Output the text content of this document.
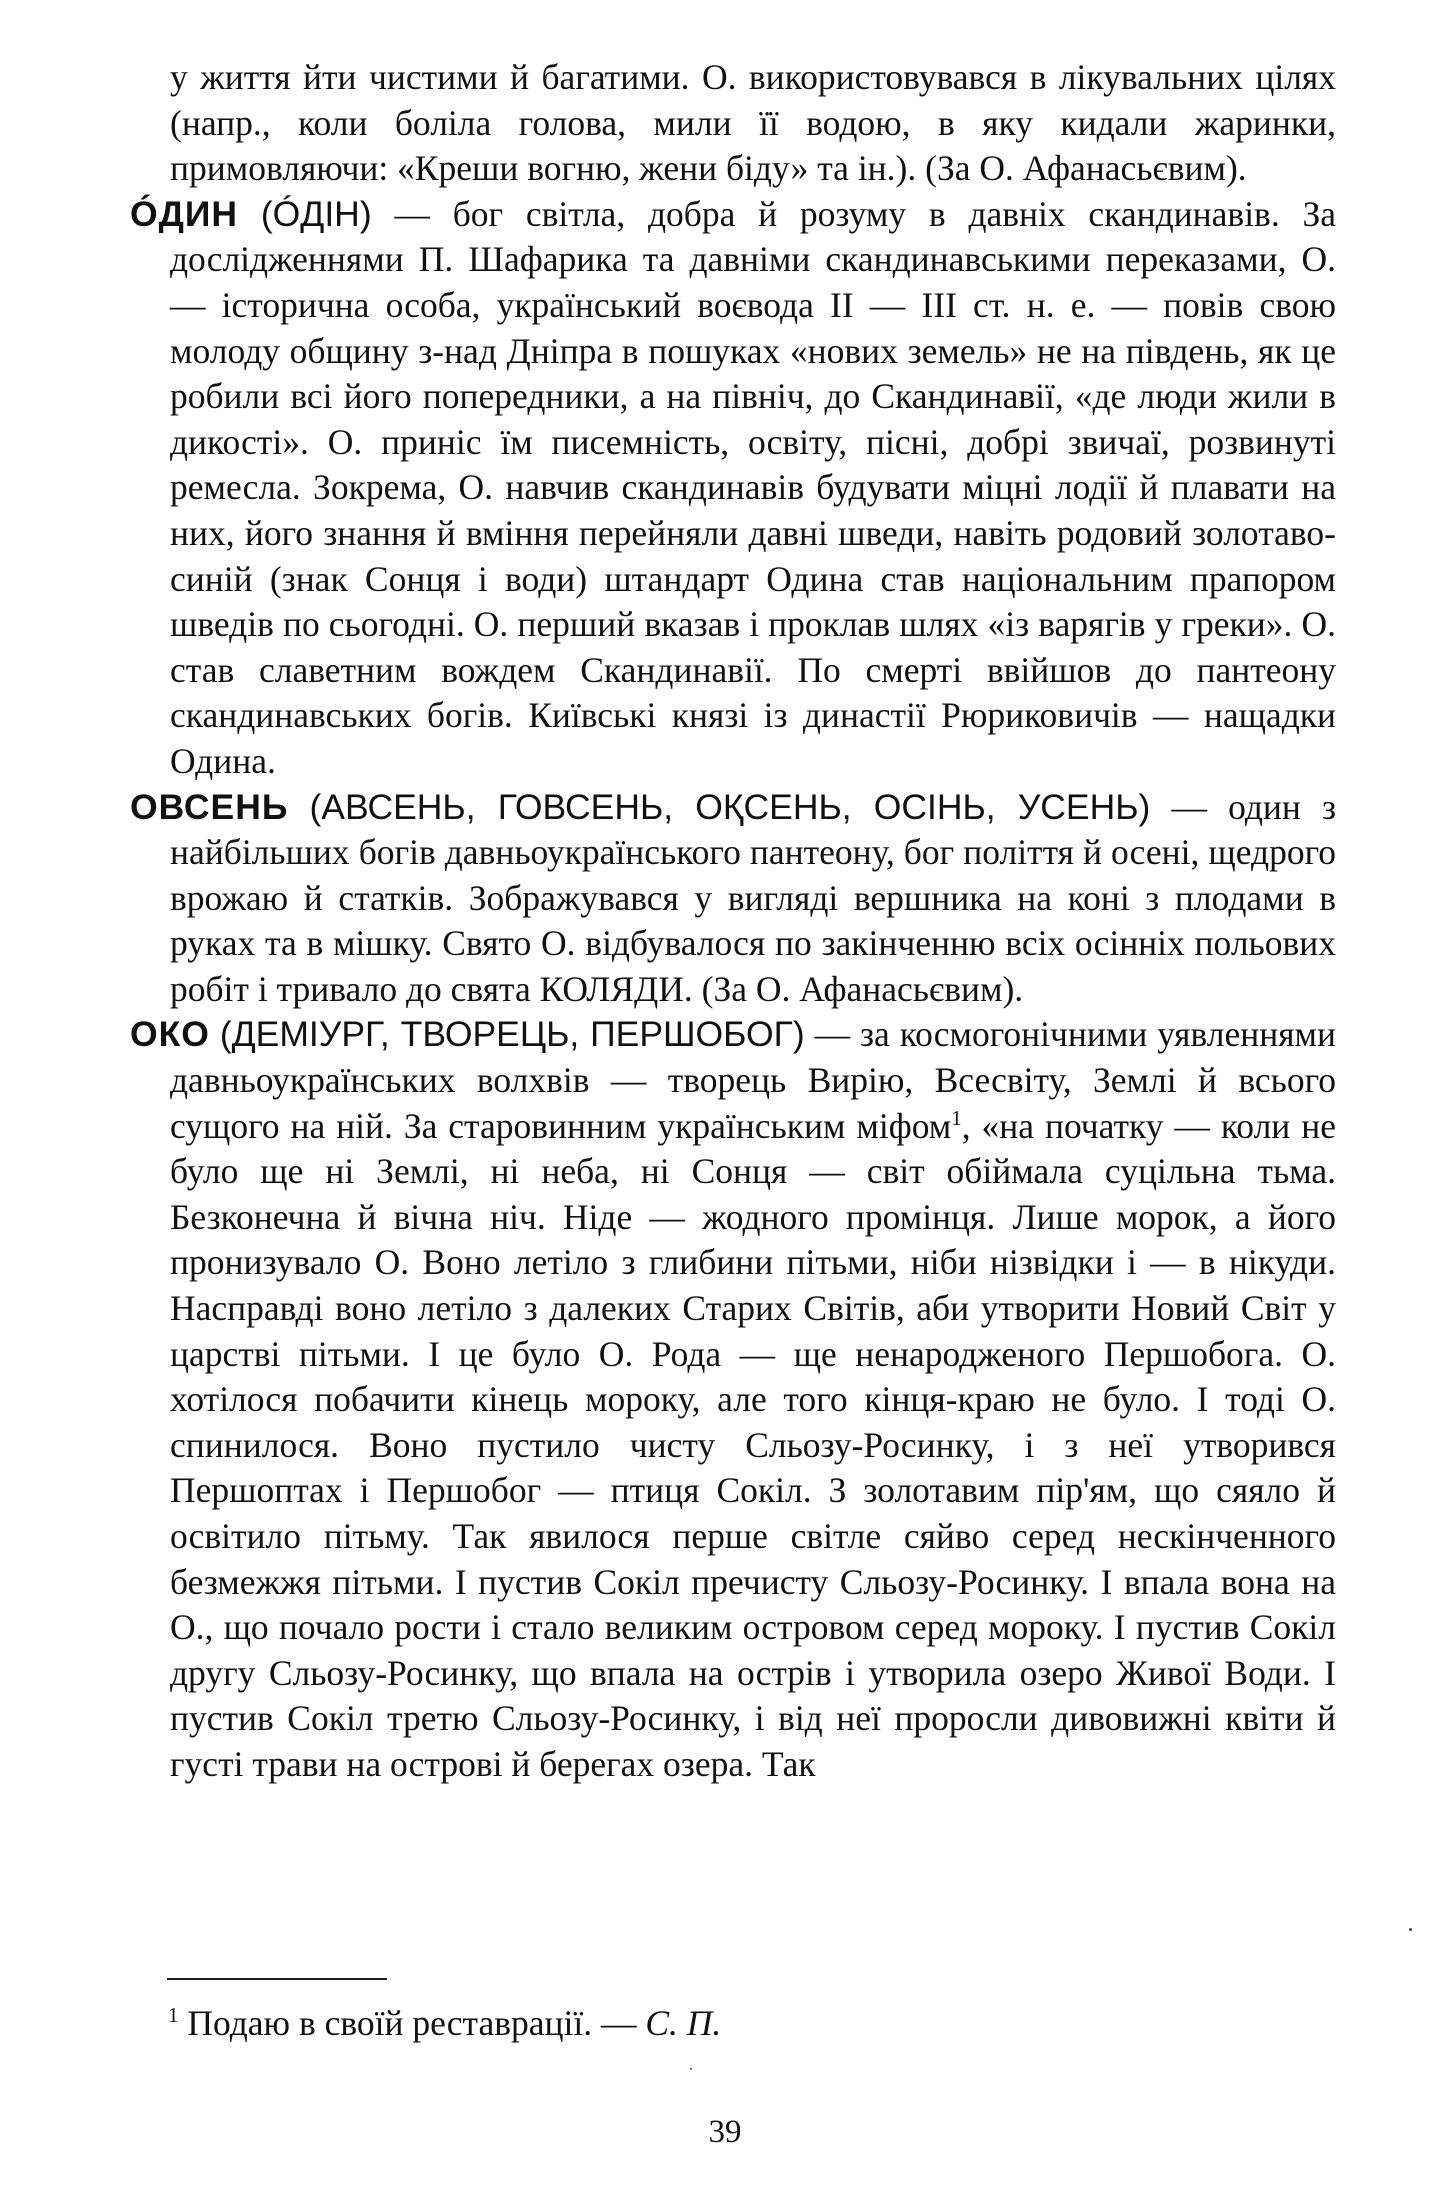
у життя йти чистими й багатими. О. використовувався в лікувальних цілях (напр., коли боліла голова, мили її водою, в яку кидали жаринки, примовляючи: «Креши вогню, жени біду» та ін.). (За О. Афанасьєвим).

ÓДИН (ÓДІН) — бог світла, добра й розуму в давніх скандинавів. За дослідженнями П. Шафарика та давніми скандинавськими переказами, О. — історична особа, український воєвода II — III ст. н. е. — повів свою молоду общину з-над Дніпра в пошуках «нових земель» не на південь, як це робили всі його попередники, а на північ, до Скандинавії, «де люди жили в дикості». О. приніс їм писемність, освіту, пісні, добрі звичаї, розвинуті ремесла. Зокрема, О. навчив скандинавів будувати міцні лодії й плавати на них, його знання й вміння перейняли давні шведи, навіть родовий золотаво-синій (знак Сонця і води) штандарт Одина став національним прапором шведів по сьогодні. О. перший вказав і проклав шлях «із варягів у греки». О. став славетним вождем Скандинавії. По смерті ввійшов до пантеону скандинавських богів. Київські князі із династії Рюриковичів — нащадки Одина.

ОВСЕНЬ (АВСЕНЬ, ГОВСЕНЬ, ОҚСЕНЬ, ОСІНЬ, УСЕНЬ) — один з найбільших богів давньоукраїнського пантеону, бог поліття й осені, щедрого врожаю й статків. Зображувався у вигляді вершника на коні з плодами в руках та в мішку. Свято О. відбувалося по закінченню всіх осінніх польових робіт і тривало до свята КОЛЯДИ. (За О. Афанасьєвим).

ОКО (ДЕМІУРГ, ТВОРЕЦЬ, ПЕРШОБОГ) — за космогонічними уявленнями давньоукраїнських волхвів — творець Вирію, Всесвіту, Землі й всього сущого на ній. За старовинним українським міфом$^1$, «на початку — коли не було ще ні Землі, ні неба, ні Сонця — світ обіймала суцільна тьма. Безконечна й вічна ніч. Ніде — жодного промінця. Лише морок, а його пронизувало О. Воно летіло з глибини пітьми, ніби нізвідки і — в нікуди. Насправді воно летіло з далеких Старих Світів, аби утворити Новий Світ у царстві пітьми. І це було О. Рода — ще ненародженого Першобога. О. хотілося побачити кінець мороку, але того кінця-краю не було. І тоді О. спинилося. Воно пустило чисту Сльозу-Росинку, і з неї утворився Першоптах і Першобог — птиця Сокіл. З золотавим пір'ям, що сяяло й освітило пітьму. Так явилося перше світле сяйво серед нескінченного безмежжя пітьми. І пустив Сокіл пречисту Сльозу-Росинку. І впала вона на О., що почало рости і стало великим островом серед мороку. І пустив Сокіл другу Сльозу-Росинку, що впала на острів і утворила озеро Живої Води. І пустив Сокіл третю Сльозу-Росинку, і від неї проросли дивовижні квіти й густі трави на острові й берегах озера. Так

$^1$ Подаю в своїй реставрації. — С. П.
39
